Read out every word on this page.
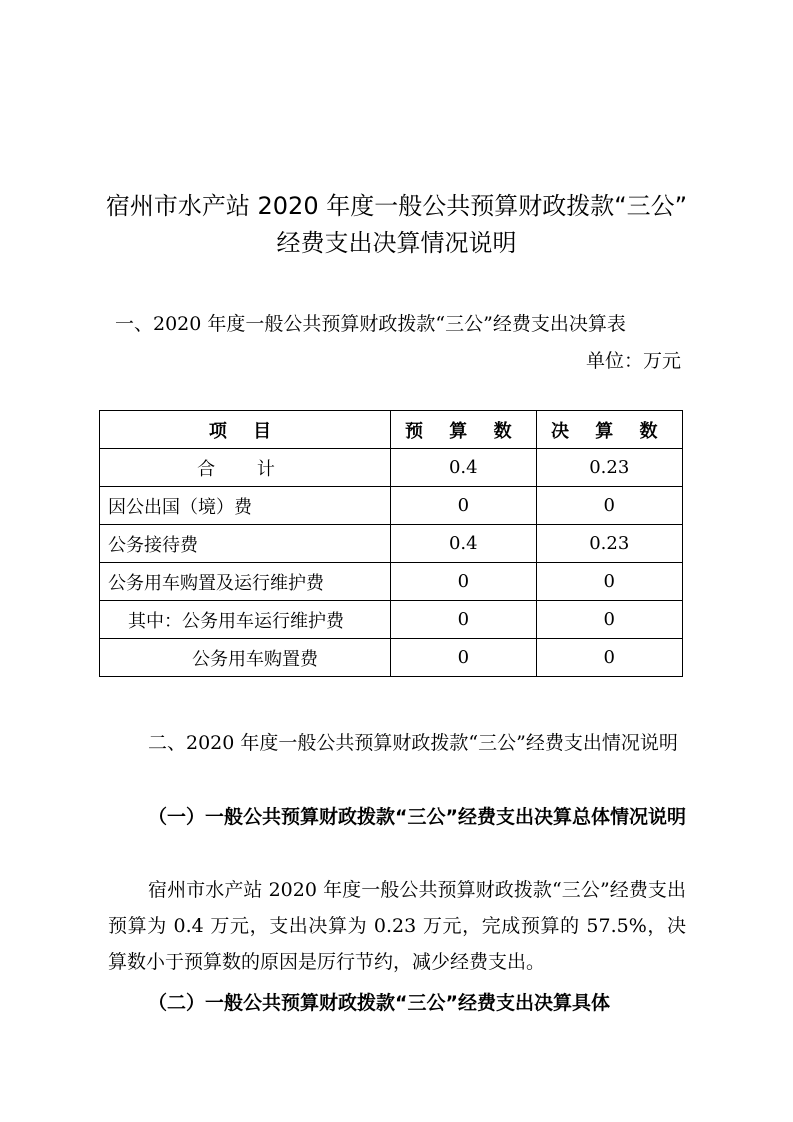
宿州市水产站 2020 年度一般公共预算财政拨款“三公”
经费支出决算情况说明
一、2020 年度一般公共预算财政拨款“三公”经费支出决算表
单位：万元
项 目	预 算 数	决 算 数
合 计	0.4	0.23
因公出国（境）费	0	0
公务接待费	0.4	0.23
公务用车购置及运行维护费	0	0
其中：公务用车运行维护费	0	0
公务用车购置费	0	0
二、2020 年度一般公共预算财政拨款“三公”经费支出情况说明
（一）一般公共预算财政拨款“三公”经费支出决算总体情况说明
宿州市水产站 2020 年度一般公共预算财政拨款“三公”经费支出预算为 0.4 万元，支出决算为 0.23 万元，完成预算的 57.5%，决算数小于预算数的原因是厉行节约，减少经费支出。
（二）一般公共预算财政拨款“三公”经费支出决算具体
